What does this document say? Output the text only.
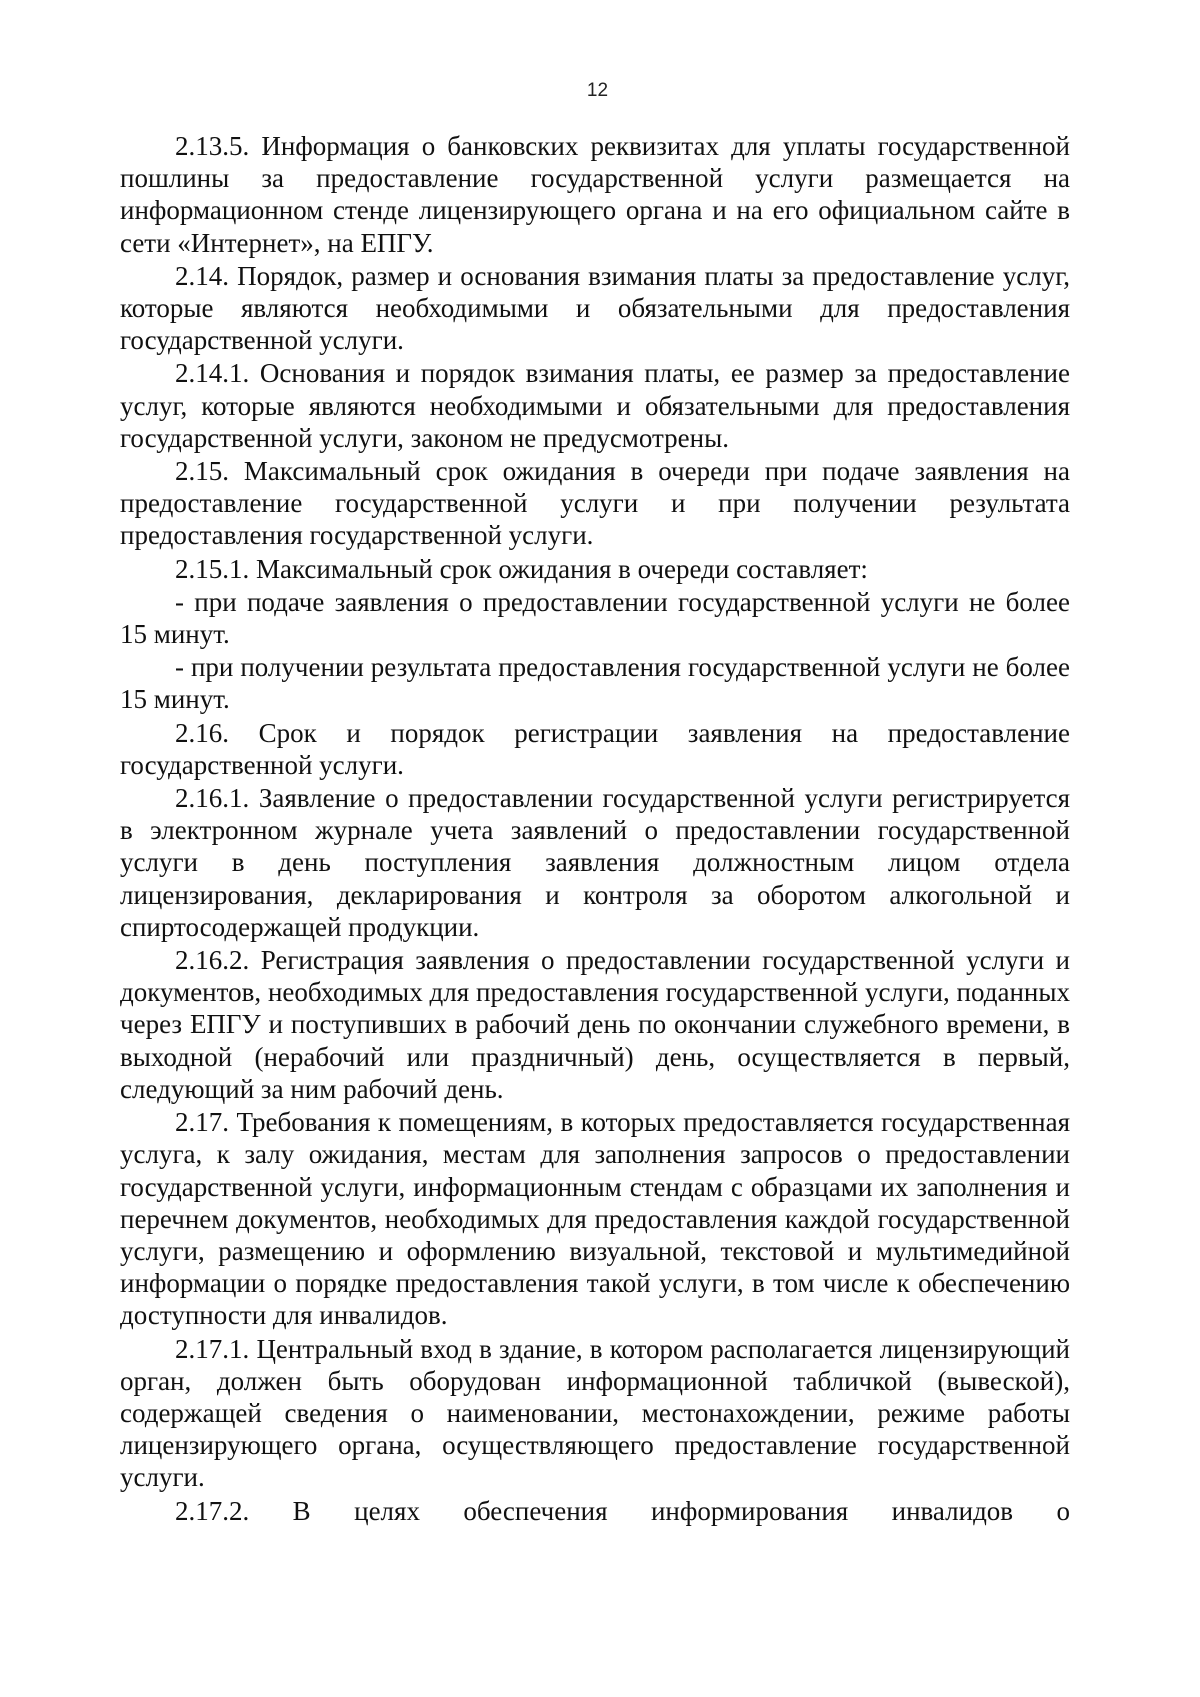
12

2.13.5. Информация о банковских реквизитах для уплаты государственной пошлины за предоставление государственной услуги размещается на информационном стенде лицензирующего органа и на его официальном сайте в сети «Интернет», на ЕПГУ.

2.14. Порядок, размер и основания взимания платы за предоставление услуг, которые являются необходимыми и обязательными для предоставления государственной услуги.

2.14.1. Основания и порядок взимания платы, ее размер за предоставление услуг, которые являются необходимыми и обязательными для предоставления государственной услуги, законом не предусмотрены.

2.15. Максимальный срок ожидания в очереди при подаче заявления на предоставление государственной услуги и при получении результата предоставления государственной услуги.

2.15.1. Максимальный срок ожидания в очереди составляет:

- при подаче заявления о предоставлении государственной услуги не более 15 минут.

- при получении результата предоставления государственной услуги не более 15 минут.

2.16. Срок и порядок регистрации заявления на предоставление государственной услуги.

2.16.1. Заявление о предоставлении государственной услуги регистрируется в электронном журнале учета заявлений о предоставлении государственной услуги в день поступления заявления должностным лицом отдела лицензирования, декларирования и контроля за оборотом алкогольной и спиртосодержащей продукции.

2.16.2. Регистрация заявления о предоставлении государственной услуги и документов, необходимых для предоставления государственной услуги, поданных через ЕПГУ и поступивших в рабочий день по окончании служебного времени, в выходной (нерабочий или праздничный) день, осуществляется в первый, следующий за ним рабочий день.

2.17. Требования к помещениям, в которых предоставляется государственная услуга, к залу ожидания, местам для заполнения запросов о предоставлении государственной услуги, информационным стендам с образцами их заполнения и перечнем документов, необходимых для предоставления каждой государственной услуги, размещению и оформлению визуальной, текстовой и мультимедийной информации о порядке предоставления такой услуги, в том числе к обеспечению доступности для инвалидов.

2.17.1. Центральный вход в здание, в котором располагается лицензирующий орган, должен быть оборудован информационной табличкой (вывеской), содержащей сведения о наименовании, местонахождении, режиме работы лицензирующего органа, осуществляющего предоставление государственной услуги.

2.17.2. В целях обеспечения информирования инвалидов о
